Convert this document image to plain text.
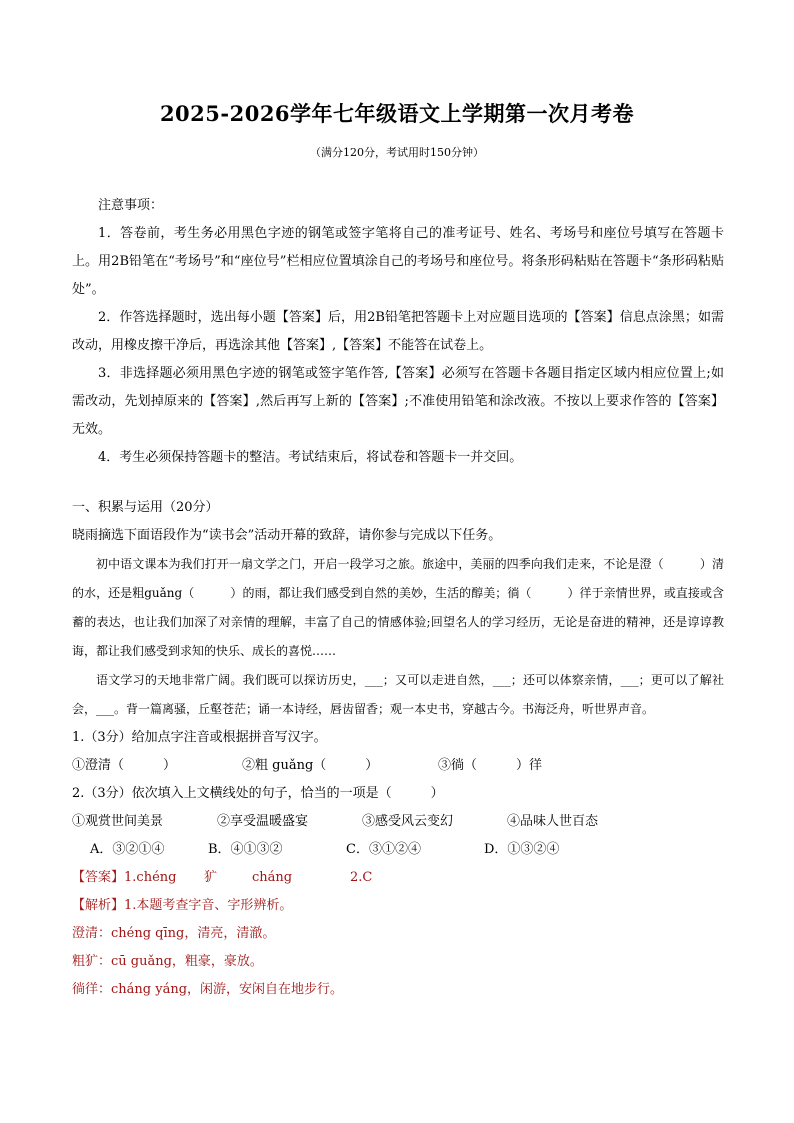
2025-2026学年七年级语文上学期第一次月考卷
（满分120分，考试用时150分钟）
注意事项：
1．答卷前，考生务必用黑色字迹的钢笔或签字笔将自己的准考证号、姓名、考场号和座位号填写在答题卡上。用2B铅笔在“考场号”和“座位号”栏相应位置填涂自己的考场号和座位号。将条形码粘贴在答题卡“条形码粘贴处”。
2．作答选择题时，选出每小题【答案】后，用2B铅笔把答题卡上对应题目选项的【答案】信息点涂黑；如需改动，用橡皮擦干净后，再选涂其他【答案】,【答案】不能答在试卷上。
3．非选择题必须用黑色字迹的钢笔或签字笔作答,【答案】必须写在答题卡各题目指定区域内相应位置上;如需改动，先划掉原来的【答案】,然后再写上新的【答案】;不准使用铅笔和涂改液。不按以上要求作答的【答案】无效。
4．考生必须保持答题卡的整洁。考试结束后，将试卷和答题卡一并交回。
一、积累与运用（20分）
晓雨摘选下面语段作为“读书会”活动开幕的致辞，请你参与完成以下任务。
初中语文课本为我们打开一扇文学之门，开启一段学习之旅。旅途中，美丽的四季向我们走来，不论是澄（　　　）清的水，还是粗guǎng（　　　）的雨，都让我们感受到自然的美妙，生活的醇美；徜（　　　）徉于亲情世界，或直接或含蓄的表达，也让我们加深了对亲情的理解，丰富了自己的情感体验;回望名人的学习经历，无论是奋进的精神，还是谆谆教诲，都让我们感受到求知的快乐、成长的喜悦……
语文学习的天地非常广阔。我们既可以探访历史，___；又可以走进自然，___；还可以体察亲情，___；更可以了解社会，___。背一篇离骚，丘壑苍茫；诵一本诗经，唇齿留香；观一本史书，穿越古今。书海泛舟，听世界声音。
1.（3分）给加点字注音或根据拼音写汉字。
①澄清（　　　）	②粗 guǎng（　　　）	③徜（　　　）徉
2.（3分）依次填入上文横线处的句子，恰当的一项是（　　　）
①观赏世间美景	②享受温暖盛宴	③感受风云变幻	④品味人世百态
A．③②①④	B．④①③②	C．③①②④	D．①③②④
【答案】 1.chéng	犷	cháng	2.C
【解析】 1.本题考查字音、字形辨析。
澄清：chéng qīng，清亮，清澈。
粗犷：cū guǎng，粗豪，豪放。
徜徉：cháng yáng，闲游，安闲自在地步行。
